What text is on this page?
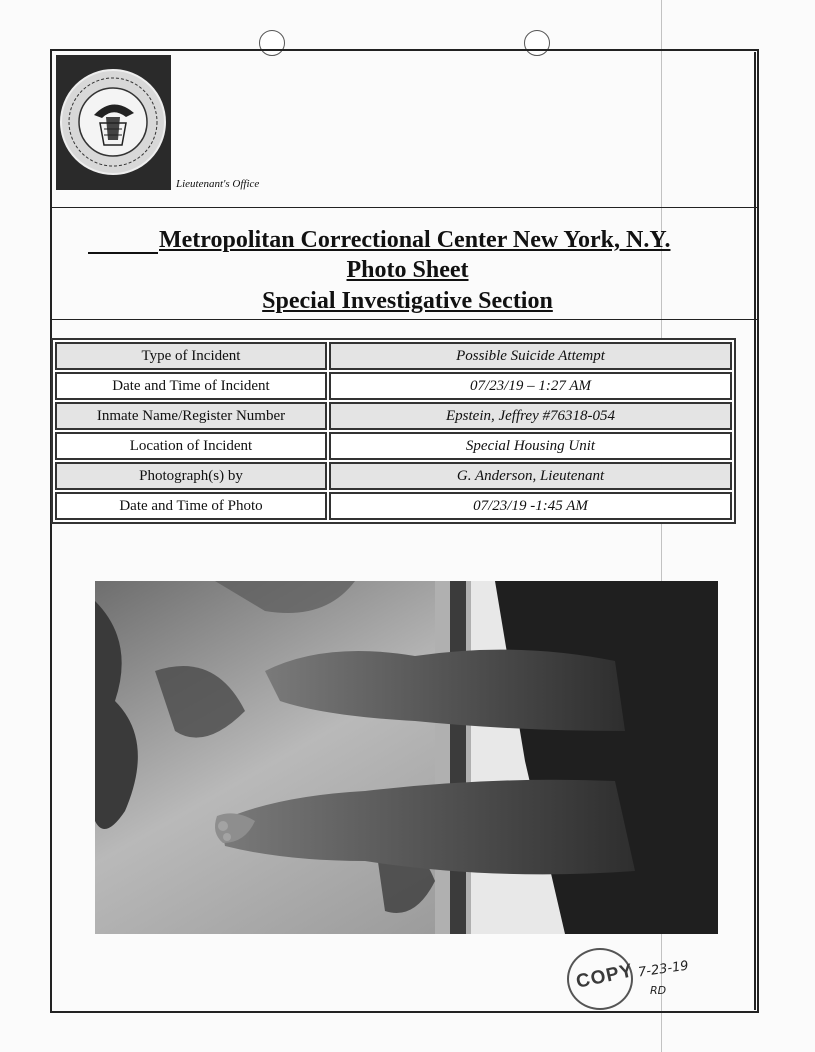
Lieutenant's Office
Metropolitan Correctional Center New York, N.Y.
Photo Sheet
Special Investigative Section
Type of Incident	Possible Suicide Attempt
Date and Time of Incident	07/23/19 – 1:27 AM
Inmate Name/Register Number	Epstein, Jeffrey #76318-054
Location of Incident	Special Housing Unit
Photograph(s) by	G. Anderson, Lieutenant
Date and Time of Photo	07/23/19 -1:45 AM
COPY 7-23-19
RD
